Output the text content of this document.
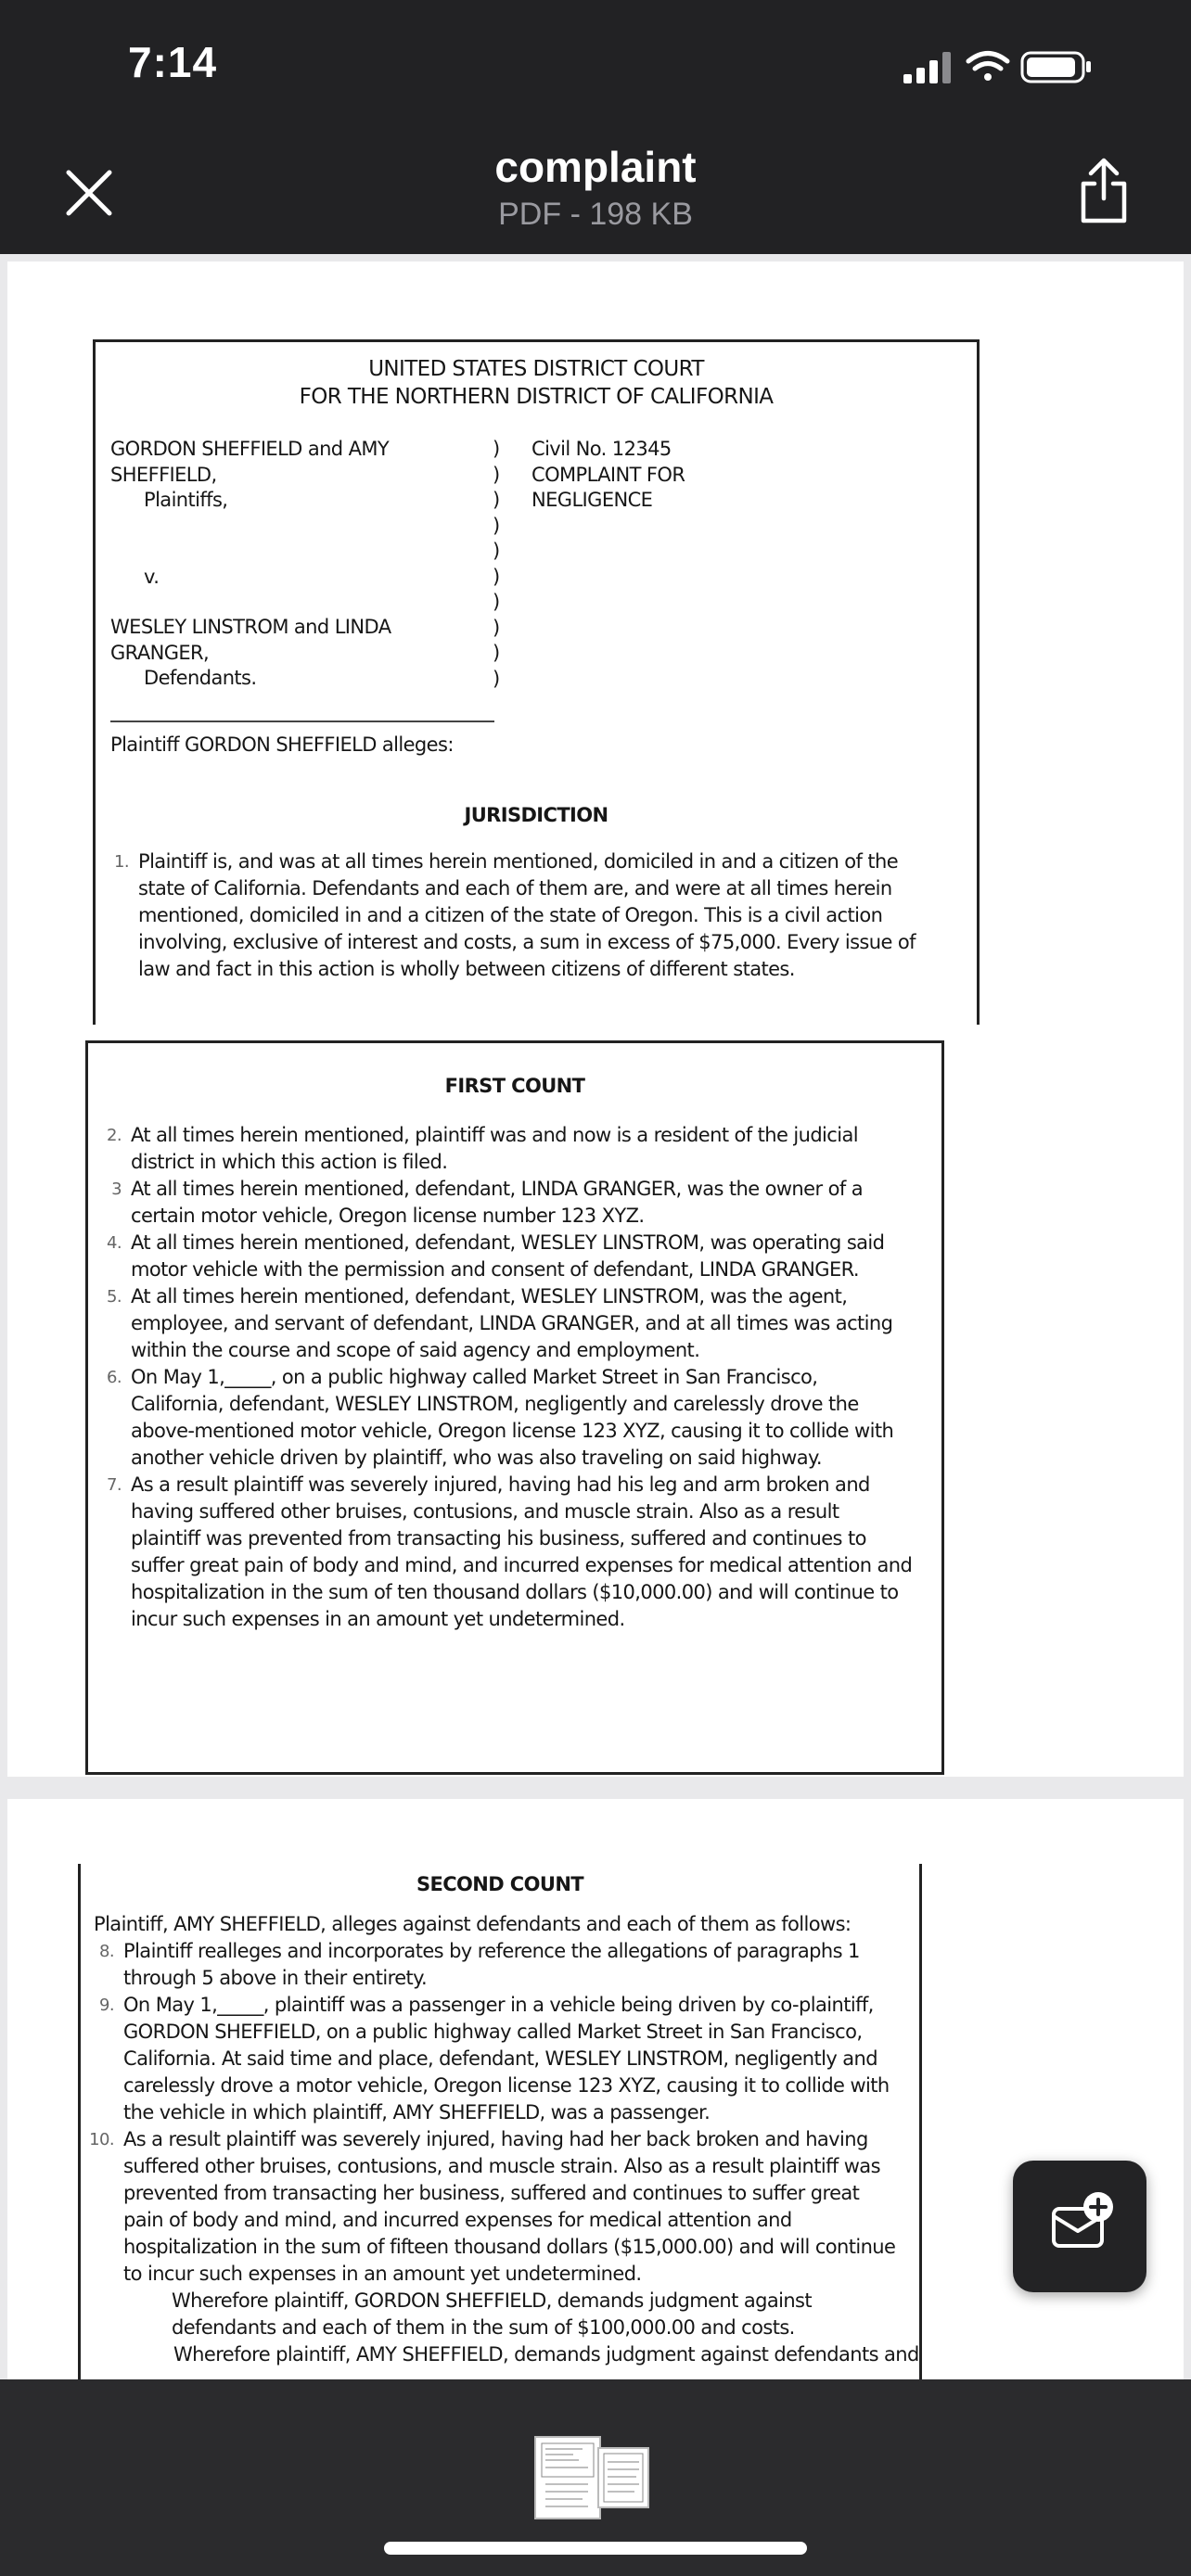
7:14
complaint
PDF - 198 KB
UNITED STATES DISTRICT COURT
FOR THE NORTHERN DISTRICT OF CALIFORNIA
GORDON SHEFFIELD and AMY
SHEFFIELD,
Plaintiffs,
v.
WESLEY LINSTROM and LINDA
GRANGER,
Defendants.
)
)
)
)
)
)
)
)
)
)
Civil No. 12345
COMPLAINT FOR
NEGLIGENCE
Plaintiff GORDON SHEFFIELD alleges:
JURISDICTION
1. Plaintiff is, and was at all times herein mentioned, domiciled in and a citizen of the state of California. Defendants and each of them are, and were at all times herein mentioned, domiciled in and a citizen of the state of Oregon. This is a civil action involving, exclusive of interest and costs, a sum in excess of $75,000. Every issue of law and fact in this action is wholly between citizens of different states.
FIRST COUNT
2. At all times herein mentioned, plaintiff was and now is a resident of the judicial district in which this action is filed.
3 At all times herein mentioned, defendant, LINDA GRANGER, was the owner of a certain motor vehicle, Oregon license number 123 XYZ.
4. At all times herein mentioned, defendant, WESLEY LINSTROM, was operating said motor vehicle with the permission and consent of defendant, LINDA GRANGER.
5. At all times herein mentioned, defendant, WESLEY LINSTROM, was the agent, employee, and servant of defendant, LINDA GRANGER, and at all times was acting within the course and scope of said agency and employment.
6. On May 1,_____, on a public highway called Market Street in San Francisco, California, defendant, WESLEY LINSTROM, negligently and carelessly drove the above-mentioned motor vehicle, Oregon license 123 XYZ, causing it to collide with another vehicle driven by plaintiff, who was also traveling on said highway.
7. As a result plaintiff was severely injured, having had his leg and arm broken and having suffered other bruises, contusions, and muscle strain. Also as a result plaintiff was prevented from transacting his business, suffered and continues to suffer great pain of body and mind, and incurred expenses for medical attention and hospitalization in the sum of ten thousand dollars ($10,000.00) and will continue to incur such expenses in an amount yet undetermined.
SECOND COUNT
Plaintiff, AMY SHEFFIELD, alleges against defendants and each of them as follows:
8. Plaintiff realleges and incorporates by reference the allegations of paragraphs 1 through 5 above in their entirety.
9. On May 1,_____, plaintiff was a passenger in a vehicle being driven by co-plaintiff, GORDON SHEFFIELD, on a public highway called Market Street in San Francisco, California. At said time and place, defendant, WESLEY LINSTROM, negligently and carelessly drove a motor vehicle, Oregon license 123 XYZ, causing it to collide with the vehicle in which plaintiff, AMY SHEFFIELD, was a passenger.
10. As a result plaintiff was severely injured, having had her back broken and having suffered other bruises, contusions, and muscle strain. Also as a result plaintiff was prevented from transacting her business, suffered and continues to suffer great pain of body and mind, and incurred expenses for medical attention and hospitalization in the sum of fifteen thousand dollars ($15,000.00) and will continue to incur such expenses in an amount yet undetermined.
Wherefore plaintiff, GORDON SHEFFIELD, demands judgment against defendants and each of them in the sum of $100,000.00 and costs.
Wherefore plaintiff, AMY SHEFFIELD, demands judgment against defendants and
